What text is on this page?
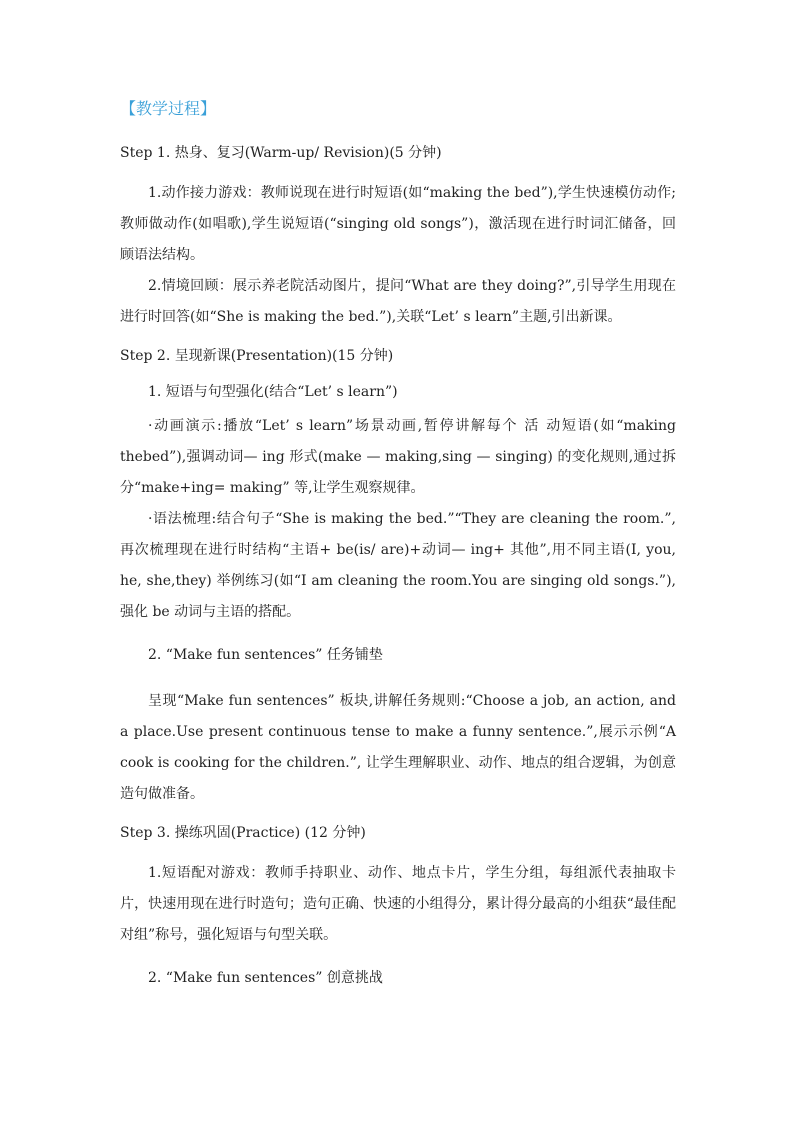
【教学过程】
Step 1. 热身、复习(Warm-up/ Revision)(5 分钟)

1.动作接力游戏：教师说现在进行时短语(如“making the bed”),学生快速模仿动作;教师做动作(如唱歌),学生说短语(“singing old songs”)，激活现在进行时词汇储备，回顾语法结构。

2.情境回顾：展示养老院活动图片，提问“What are they doing?”,引导学生用现在进行时回答(如“She is making the bed.”),关联“Let’ s learn”主题,引出新课。

Step 2. 呈现新课(Presentation)(15 分钟)
1. 短语与句型强化(结合“Let’ s learn”)

·动画演示:播放“Let’ s learn”场景动画,暂停讲解每个 活 动短语(如“making thebed”),强调动词— ing 形式(make — making,sing — singing) 的变化规则,通过拆分“make+ing= making” 等,让学生观察规律。

·语法梳理:结合句子“She is making the bed.”“They are cleaning the room.”,再次梳理现在进行时结构“主语+ be(is/ are)+动词— ing+ 其他”,用不同主语(I, you, he, she,they) 举例练习(如“I am cleaning the room.You are singing old songs.”), 强化 be 动词与主语的搭配。

2. “Make fun sentences” 任务铺垫

呈现“Make fun sentences” 板块,讲解任务规则:“Choose a job, an action, and a place.Use present continuous tense to make a funny sentence.”,展示示例“A cook is cooking for the children.”, 让学生理解职业、动作、地点的组合逻辑，为创意造句做准备。

Step 3. 操练巩固(Practice) (12 分钟)

1.短语配对游戏：教师手持职业、动作、地点卡片，学生分组，每组派代表抽取卡片，快速用现在进行时造句；造句正确、快速的小组得分，累计得分最高的小组获“最佳配对组”称号，强化短语与句型关联。

2. “Make fun sentences” 创意挑战
